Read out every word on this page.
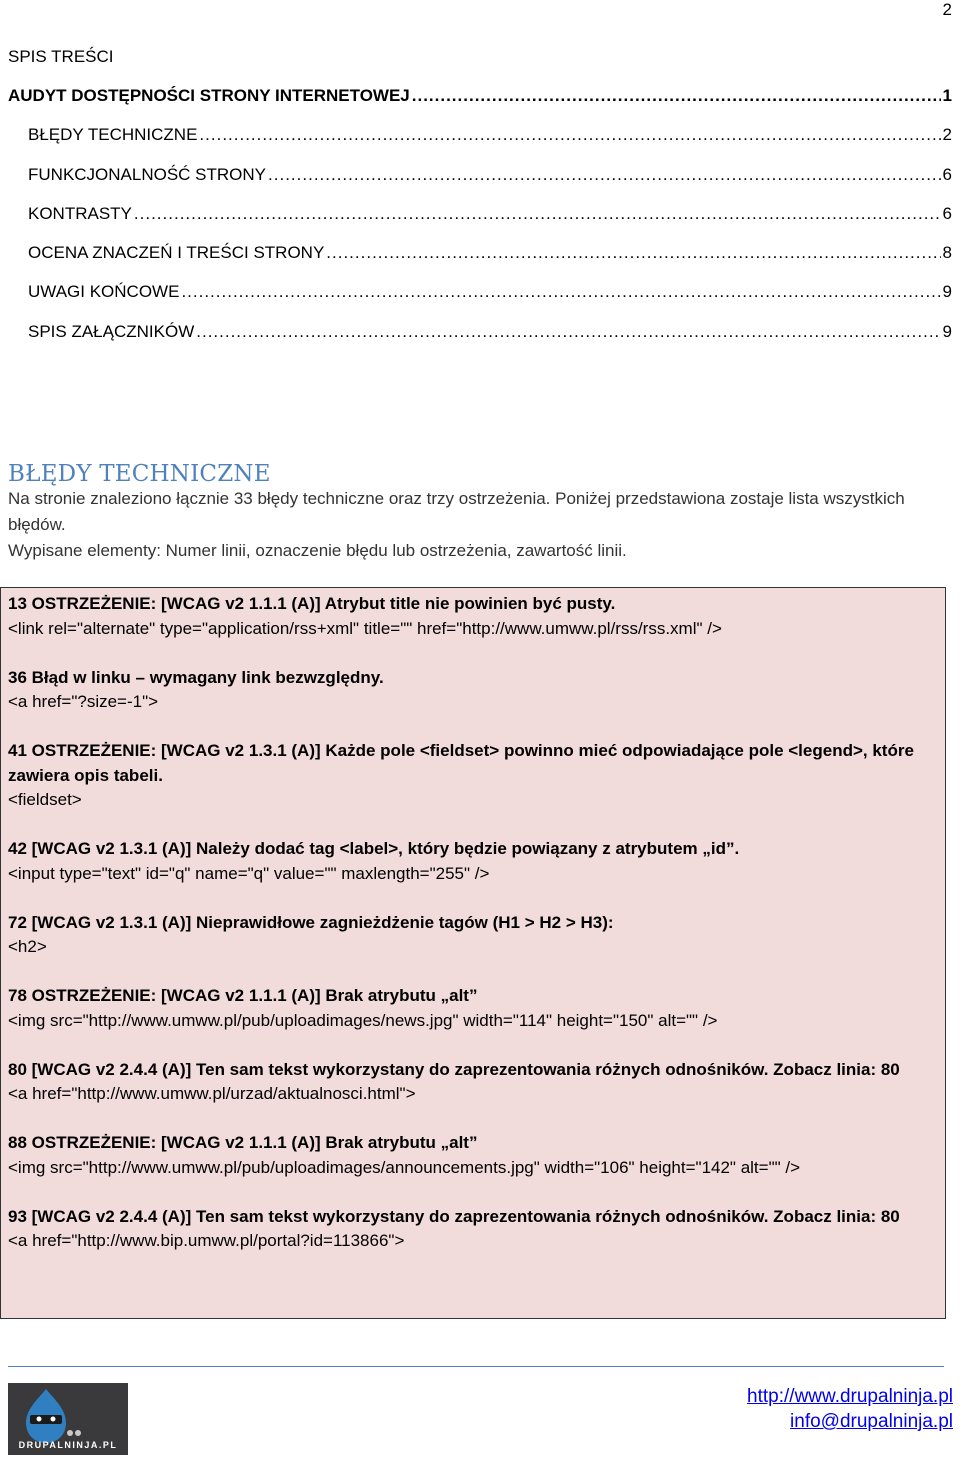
2
SPIS TREŚCI
AUDYT DOSTĘPNOŚCI STRONY INTERNETOWEJ .....	1
BŁĘDY TECHNICZNE .....	2
FUNKCJONALNOŚĆ STRONY .....	6
KONTRASTY .....	6
OCENA ZNACZEŃ I TREŚCI STRONY .....	8
UWAGI KOŃCOWE .....	9
SPIS ZAŁĄCZNIKÓW .....	9
BŁĘDY TECHNICZNE
Na stronie znaleziono łącznie 33 błędy techniczne oraz trzy ostrzeżenia. Poniżej przedstawiona zostaje lista wszystkich błędów.
Wypisane elementy: Numer linii, oznaczenie błędu lub ostrzeżenia, zawartość linii.
13 OSTRZEŻENIE: [WCAG v2 1.1.1 (A)] Atrybut title nie powinien być pusty.
<link rel="alternate" type="application/rss+xml" title="" href="http://www.umww.pl/rss/rss.xml" />
36 Błąd w linku – wymagany link bezwzględny.
<a href="?size=-1">
41 OSTRZEŻENIE: [WCAG v2 1.3.1 (A)] Każde pole <fieldset> powinno mieć odpowiadające pole <legend>, które zawiera opis tabeli.
<fieldset>
42 [WCAG v2 1.3.1 (A)] Należy dodać tag <label>, który będzie powiązany z atrybutem „id”.
<input type="text" id="q" name="q" value="" maxlength="255" />
72 [WCAG v2 1.3.1 (A)] Nieprawidłowe zagnieżdżenie tagów (H1 > H2 > H3):
<h2>
78 OSTRZEŻENIE: [WCAG v2 1.1.1 (A)] Brak atrybutu „alt”
<img src="http://www.umww.pl/pub/uploadimages/news.jpg" width="114" height="150" alt="" />
80 [WCAG v2 2.4.4 (A)] Ten sam tekst wykorzystany do zaprezentowania różnych odnośników. Zobacz linia: 80
<a href="http://www.umww.pl/urzad/aktualnosci.html">
88 OSTRZEŻENIE: [WCAG v2 1.1.1 (A)] Brak atrybutu „alt”
<img src="http://www.umww.pl/pub/uploadimages/announcements.jpg" width="106" height="142" alt="" />
93 [WCAG v2 2.4.4 (A)] Ten sam tekst wykorzystany do zaprezentowania różnych odnośników. Zobacz linia: 80
<a href="http://www.bip.umww.pl/portal?id=113866">
DRUPALNINJA.PL
http://www.drupalninja.pl
info@drupalninja.pl
